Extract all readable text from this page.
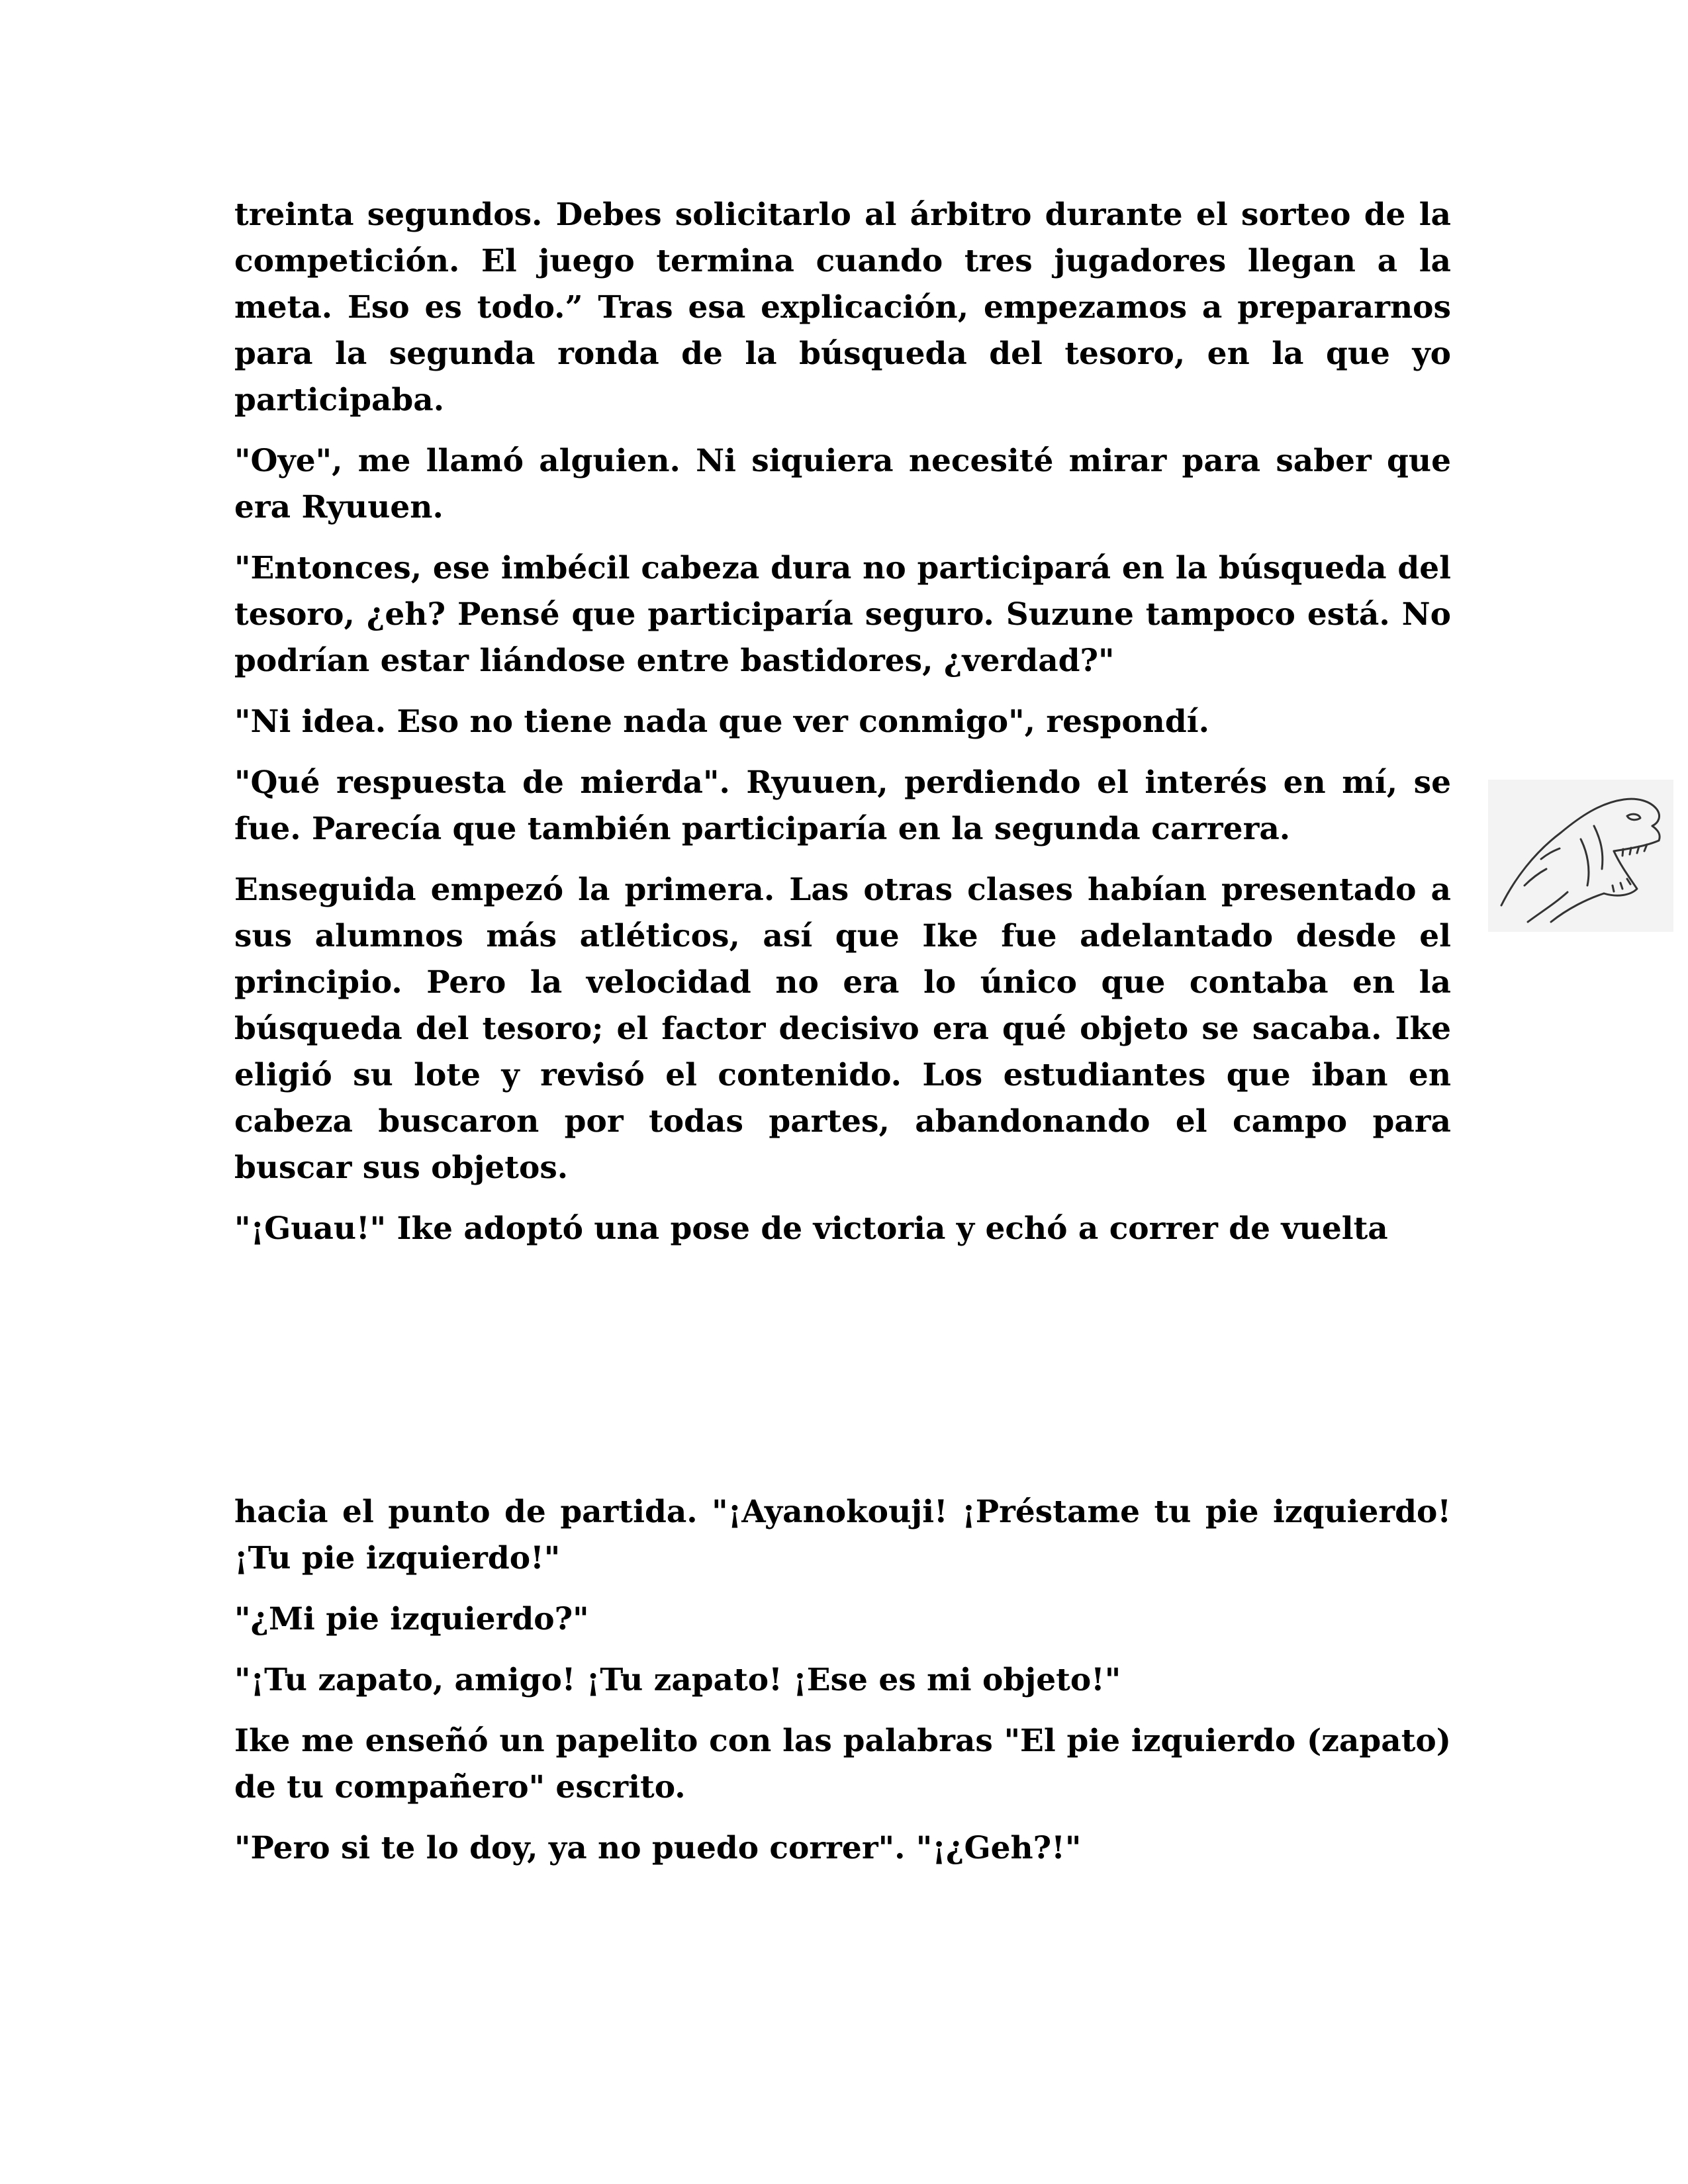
treinta segundos. Debes solicitarlo al árbitro durante el sorteo de la competición. El juego termina cuando tres jugadores llegan a la meta. Eso es todo.” Tras esa explicación, empezamos a prepararnos para la segunda ronda de la búsqueda del tesoro, en la que yo participaba.

"Oye", me llamó alguien. Ni siquiera necesité mirar para saber que era Ryuuen.

"Entonces, ese imbécil cabeza dura no participará en la búsqueda del tesoro, ¿eh? Pensé que participaría seguro. Suzune tampoco está. No podrían estar liándose entre bastidores, ¿verdad?"

"Ni idea. Eso no tiene nada que ver conmigo", respondí.

"Qué respuesta de mierda". Ryuuen, perdiendo el interés en mí, se fue. Parecía que también participaría en la segunda carrera.

Enseguida empezó la primera. Las otras clases habían presentado a sus alumnos más atléticos, así que Ike fue adelantado desde el principio. Pero la velocidad no era lo único que contaba en la búsqueda del tesoro; el factor decisivo era qué objeto se sacaba. Ike eligió su lote y revisó el contenido. Los estudiantes que iban en cabeza buscaron por todas partes, abandonando el campo para buscar sus objetos.

"¡Guau!" Ike adoptó una pose de victoria y echó a correr de vuelta

hacia el punto de partida. "¡Ayanokouji! ¡Préstame tu pie izquierdo! ¡Tu pie izquierdo!"

"¿Mi pie izquierdo?"

"¡Tu zapato, amigo! ¡Tu zapato! ¡Ese es mi objeto!"

Ike me enseñó un papelito con las palabras "El pie izquierdo (zapato) de tu compañero" escrito.

"Pero si te lo doy, ya no puedo correr". "¡¿Geh?!"
